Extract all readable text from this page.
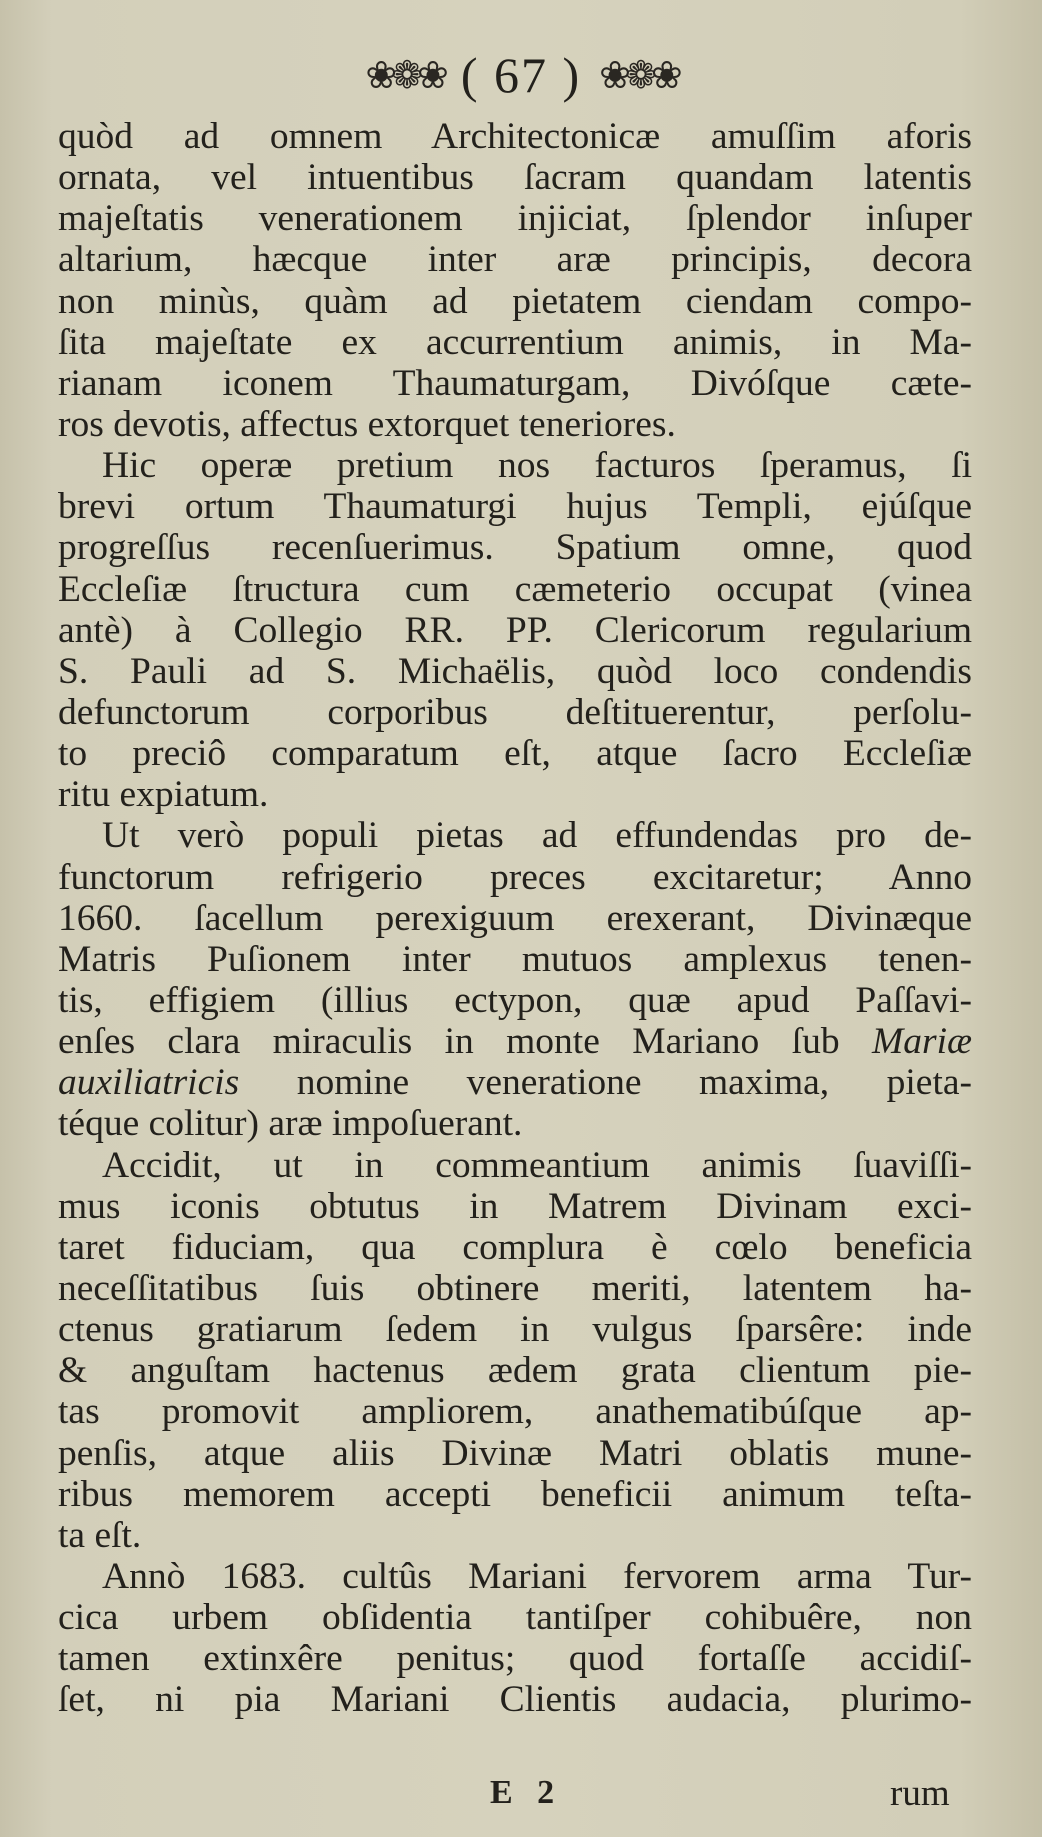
❀❁❀ ( 67 ) ❀❁❀
quòd ad omnem Architectonicæ amuſſim aforis
ornata, vel intuentibus ſacram quandam latentis
majeſtatis venerationem injiciat, ſplendor inſuper
altarium, hæcque inter aræ principis, decora
non minùs, quàm ad pietatem ciendam compo-
ſita majeſtate ex accurrentium animis, in Ma-
rianam iconem Thaumaturgam, Divóſque cæte-
ros devotis, affectus extorquet teneriores.
Hic operæ pretium nos facturos ſperamus, ſi
brevi ortum Thaumaturgi hujus Templi, ejúſque
progreſſus recenſuerimus. Spatium omne, quod
Eccleſiæ ſtructura cum cæmeterio occupat (vinea
antè) à Collegio RR. PP. Clericorum regularium
S. Pauli ad S. Michaëlis, quòd loco condendis
defunctorum corporibus deſtituerentur, perſolu-
to preciô comparatum eſt, atque ſacro Eccleſiæ
ritu expiatum.
Ut verò populi pietas ad effundendas pro de-
functorum refrigerio preces excitaretur; Anno
1660. ſacellum perexiguum erexerant, Divinæque
Matris Puſionem inter mutuos amplexus tenen-
tis, effigiem (illius ectypon, quæ apud Paſſavi-
enſes clara miraculis in monte Mariano ſub Mariæ
auxiliatricis nomine veneratione maxima, pieta-
téque colitur) aræ impoſuerant.
Accidit, ut in commeantium animis ſuaviſſi-
mus iconis obtutus in Matrem Divinam exci-
taret fiduciam, qua complura è cœlo beneficia
neceſſitatibus ſuis obtinere meriti, latentem ha-
ctenus gratiarum ſedem in vulgus ſparsêre: inde
& anguſtam hactenus ædem grata clientum pie-
tas promovit ampliorem, anathematibúſque ap-
penſis, atque aliis Divinæ Matri oblatis mune-
ribus memorem accepti beneficii animum teſta-
ta eſt.
Annò 1683. cultûs Mariani fervorem arma Tur-
cica urbem obſidentia tantiſper cohibuêre, non
tamen extinxêre penitus; quod fortaſſe accidiſ-
ſet, ni pia Mariani Clientis audacia, plurimo-
E 2	rum
